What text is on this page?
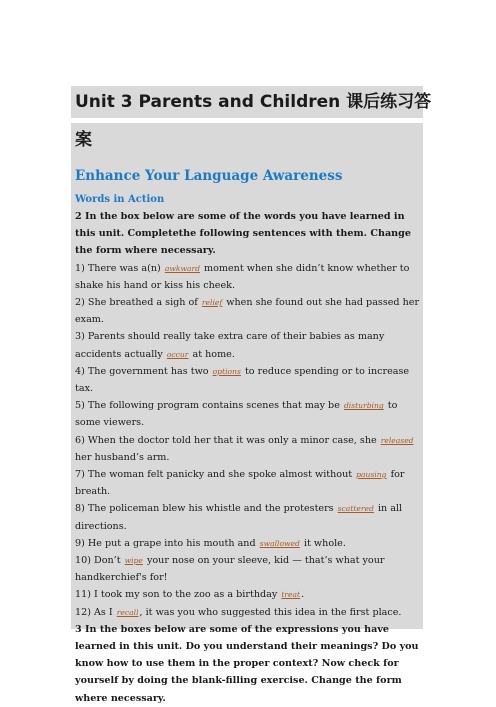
Unit 3 Parents and Children 课后练习答
案
Enhance Your Language Awareness
Words in Action

2 In the box below are some of the words you have learned in this unit. Completethe following sentences with them. Change the form where necessary.

1) There was a(n) awkward moment when she didn’t know whether to shake his hand or kiss his cheek.

2) She breathed a sigh of relief when she found out she had passed her exam.

3) Parents should really take extra care of their babies as many accidents actually occur at home.

4) The government has two options to reduce spending or to increase tax.

5) The following program contains scenes that may be disturbing to some viewers.

6) When the doctor told her that it was only a minor case, she released her husband’s arm.

7) The woman felt panicky and she spoke almost without pausing for breath.

8) The policeman blew his whistle and the protesters scattered in all directions.

9) He put a grape into his mouth and swallowed it whole.

10) Don’t wipe your nose on your sleeve, kid — that’s what your handkerchief's for!

11) I took my son to the zoo as a birthday treat.

12) As I recall, it was you who suggested this idea in the first place.

3 In the boxes below are some of the expressions you have learned in this unit. Do you understand their meanings? Do you know how to use them in the proper context? Now check for yourself by doing the blank-filling exercise. Change the form where necessary.
